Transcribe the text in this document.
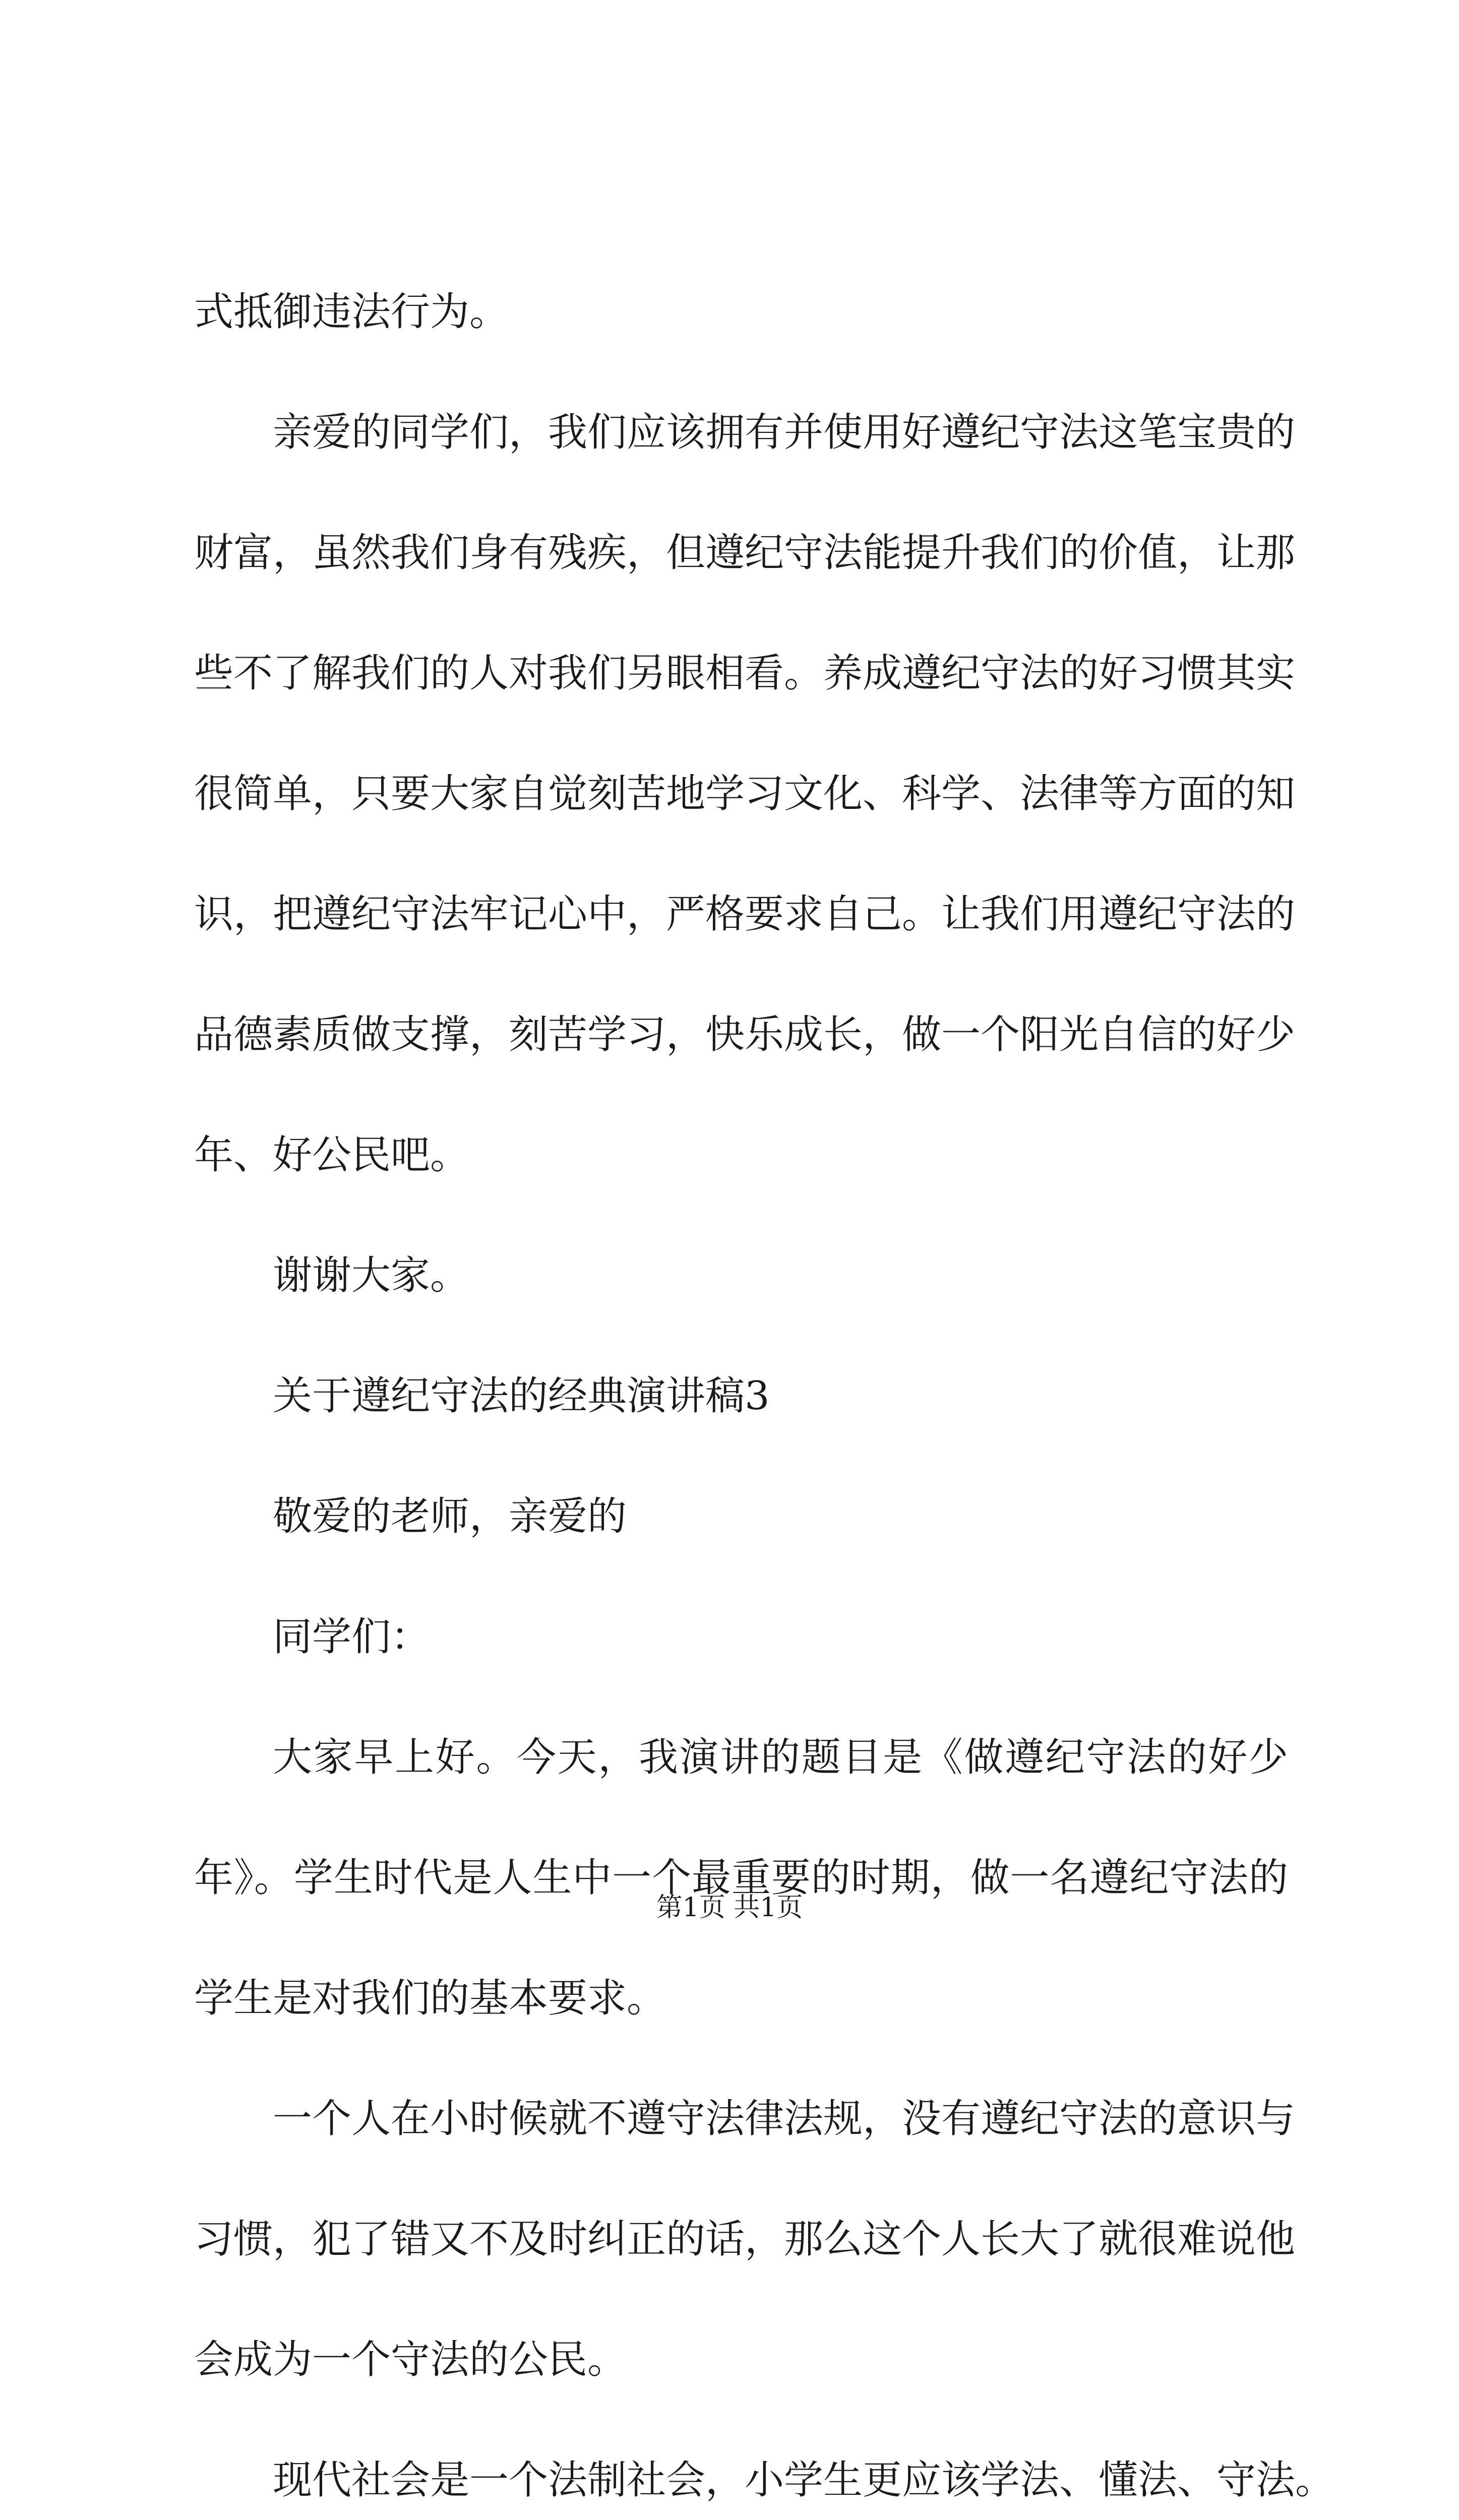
式抵御违法行为。
亲爱的同学们，我们应该拥有并使用好遵纪守法这笔宝贵的
财富，虽然我们身有残疾，但遵纪守法能提升我们的价值，让那
些不了解我们的人对我们另眼相看。养成遵纪守法的好习惯其实
很简单，只要大家自觉刻苦地学习文化、科学、法律等方面的知
识，把遵纪守法牢记心中，严格要求自己。让我们用遵纪守法的
品德素质做支撑，刻苦学习，快乐成长，做一个阳光自信的好少
年、好公民吧。
谢谢大家。
关于遵纪守法的经典演讲稿3
敬爱的老师，亲爱的
同学们：
大家早上好。今天，我演讲的题目是《做遵纪守法的好少
年》。学生时代是人生中一个最重要的时期，做一名遵纪守法的
学生是对我们的基本要求。
一个人在小时候就不遵守法律法规，没有遵纪守法的意识与
习惯，犯了错又不及时纠正的话，那么这个人长大了就很难说他
会成为一个守法的公民。
现代社会是一个法制社会，小学生更应该学法、懂法、守法。
第1页 共1页
